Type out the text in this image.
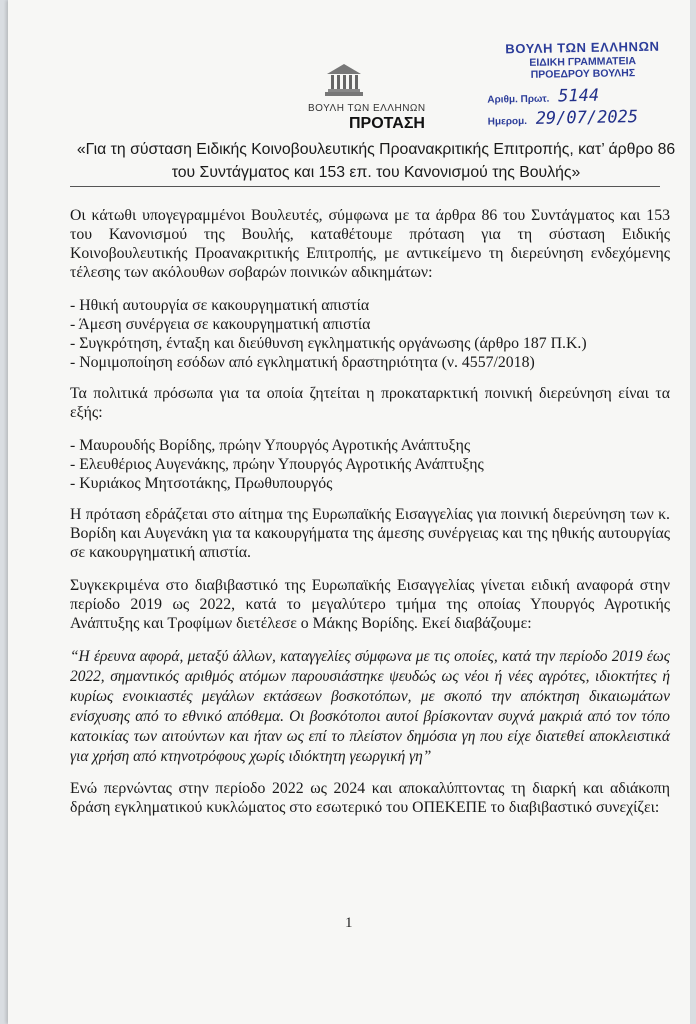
ΒΟΥΛΗ ΤΩΝ ΕΛΛΗΝΩΝ
ΒΟΥΛΗ ΤΩΝ ΕΛΛΗΝΩΝ
ΕΙΔΙΚΗ ΓΡΑΜΜΑΤΕΙΑ
ΠΡΟΕΔΡΟΥ ΒΟΥΛΗΣ
Αριθμ. Πρωτ. 5144
Ημερομ. 29/07/2025
ΠΡΟΤΑΣΗ
«Για τη σύσταση Ειδικής Κοινοβουλευτικής Προανακριτικής Επιτροπής, κατ’ άρθρο 86 του Συντάγματος και 153 επ. του Κανονισμού της Βουλής»

Οι κάτωθι υπογεγραμμένοι Βουλευτές, σύμφωνα με τα άρθρα 86 του Συντάγματος και 153 του Κανονισμού της Βουλής, καταθέτουμε πρόταση για τη σύσταση Ειδικής Κοινοβουλευτικής Προανακριτικής Επιτροπής, με αντικείμενο τη διερεύνηση ενδεχόμενης τέλεσης των ακόλουθων σοβαρών ποινικών αδικημάτων:

- Ηθική αυτουργία σε κακουργηματική απιστία

- Άμεση συνέργεια σε κακουργηματική απιστία

- Συγκρότηση, ένταξη και διεύθυνση εγκληματικής οργάνωσης (άρθρο 187 Π.Κ.)

- Νομιμοποίηση εσόδων από εγκληματική δραστηριότητα (ν. 4557/2018)

Τα πολιτικά πρόσωπα για τα οποία ζητείται η προκαταρκτική ποινική διερεύνηση είναι τα εξής:

- Μαυρουδής Βορίδης, πρώην Υπουργός Αγροτικής Ανάπτυξης

- Ελευθέριος Αυγενάκης, πρώην Υπουργός Αγροτικής Ανάπτυξης

- Κυριάκος Μητσοτάκης, Πρωθυπουργός

Η πρόταση εδράζεται στο αίτημα της Ευρωπαϊκής Εισαγγελίας για ποινική διερεύνηση των κ. Βορίδη και Αυγενάκη για τα κακουργήματα της άμεσης συνέργειας και της ηθικής αυτουργίας σε κακουργηματική απιστία.

Συγκεκριμένα στο διαβιβαστικό της Ευρωπαϊκής Εισαγγελίας γίνεται ειδική αναφορά στην περίοδο 2019 ως 2022, κατά το μεγαλύτερο τμήμα της οποίας Υπουργός Αγροτικής Ανάπτυξης και Τροφίμων διετέλεσε ο Μάκης Βορίδης. Εκεί διαβάζουμε:

“Η έρευνα αφορά, μεταξύ άλλων, καταγγελίες σύμφωνα με τις οποίες, κατά την περίοδο 2019 έως 2022, σημαντικός αριθμός ατόμων παρουσιάστηκε ψευδώς ως νέοι ή νέες αγρότες, ιδιοκτήτες ή κυρίως ενοικιαστές μεγάλων εκτάσεων βοσκοτόπων, με σκοπό την απόκτηση δικαιωμάτων ενίσχυσης από το εθνικό απόθεμα. Οι βοσκότοποι αυτοί βρίσκονταν συχνά μακριά από τον τόπο κατοικίας των αιτούντων και ήταν ως επί το πλείστον δημόσια γη που είχε διατεθεί αποκλειστικά για χρήση από κτηνοτρόφους χωρίς ιδιόκτητη γεωργική γη”

Ενώ περνώντας στην περίοδο 2022 ως 2024 και αποκαλύπτοντας τη διαρκή και αδιάκοπη δράση εγκληματικού κυκλώματος στο εσωτερικό του ΟΠΕΚΕΠΕ το διαβιβαστικό συνεχίζει:

1
